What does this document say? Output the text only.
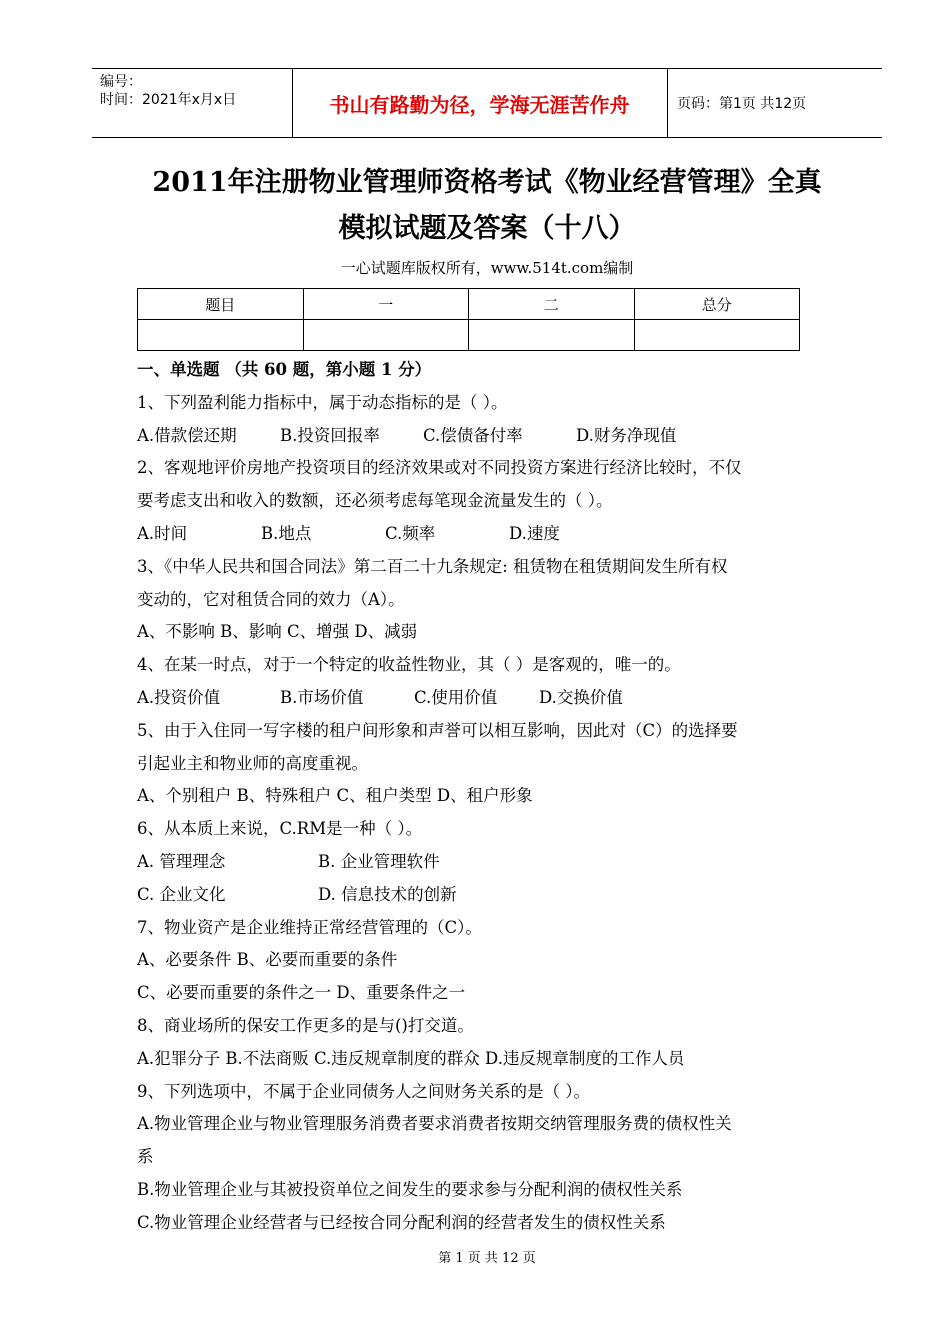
编号：
时间：2021年x月x日	书山有路勤为径，学海无涯苦作舟	页码：第1页 共12页
2011年注册物业管理师资格考试《物业经营管理》全真
模拟试题及答案（十八）
一心试题库版权所有，www.514t.com编制
题目	一	二	总分

一、单选题 （共 60 题，第小题 1 分）
1、下列盈利能力指标中，属于动态指标的是（ ）。
A.借款偿还期	B.投资回报率	C.偿债备付率	D.财务净现值
2、客观地评价房地产投资项目的经济效果或对不同投资方案进行经济比较时，不仅
要考虑支出和收入的数额，还必须考虑每笔现金流量发生的（ ）。
A.时间	B.地点	C.频率	D.速度
3、《中华人民共和国合同法》第二百二十九条规定: 租赁物在租赁期间发生所有权
变动的，它对租赁合同的效力（A）。
A、不影响 B、影响 C、增强 D、减弱
4、在某一时点，对于一个特定的收益性物业，其（ ）是客观的，唯一的。
A.投资价值	B.市场价值	C.使用价值	D.交换价值
5、由于入住同一写字楼的租户间形象和声誉可以相互影响，因此对（C）的选择要
引起业主和物业师的高度重视。
A、个别租户 B、特殊租户 C、租户类型 D、租户形象
6、从本质上来说，C.RM是一种（ ）。
A. 管理理念	B. 企业管理软件
C. 企业文化	D. 信息技术的创新
7、物业资产是企业维持正常经营管理的（C）。
A、必要条件 B、必要而重要的条件
C、必要而重要的条件之一 D、重要条件之一
8、商业场所的保安工作更多的是与()打交道。
A.犯罪分子 B.不法商贩 C.违反规章制度的群众 D.违反规章制度的工作人员
9、下列选项中，不属于企业同债务人之间财务关系的是（ ）。
A.物业管理企业与物业管理服务消费者要求消费者按期交纳管理服务费的债权性关
系
B.物业管理企业与其被投资单位之间发生的要求参与分配利润的债权性关系
C.物业管理企业经营者与已经按合同分配利润的经营者发生的债权性关系
第 1 页 共 12 页
